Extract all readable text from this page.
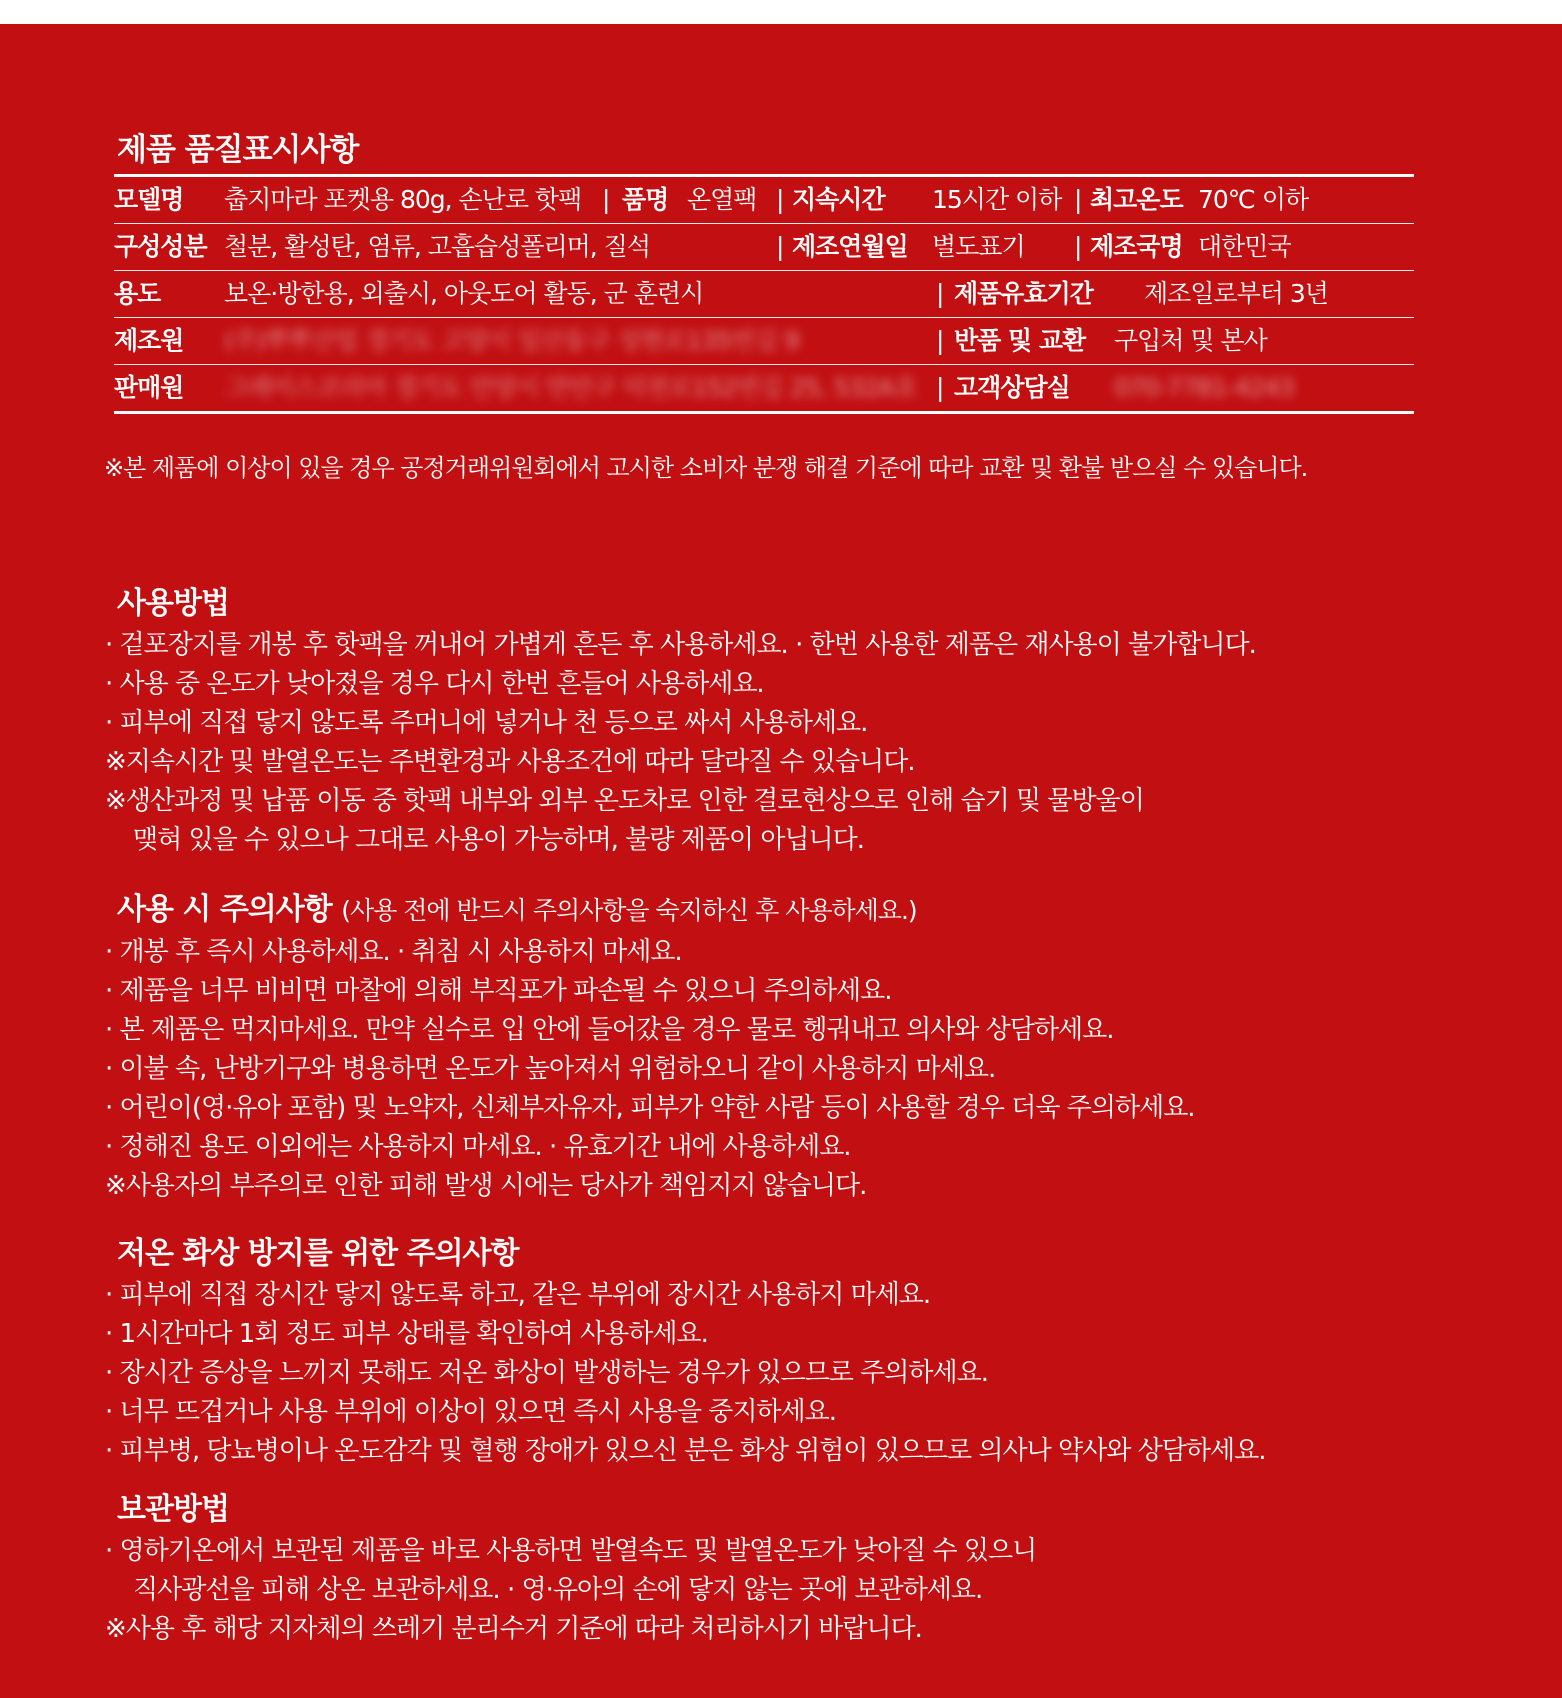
제품 품질표시사항
모델명 춥지마라 포켓용 80g, 손난로 핫팩 | 품명 온열팩 | 지속시간 15시간 이하 | 최고온도 70℃ 이하
구성성분 철분, 활성탄, 염류, 고흡습성폴리머, 질석	| 제조연월일 별도표기 | 제조국명 대한민국
용도	보온·방한용, 외출시, 아웃도어 활동, 군 훈련시	| 제품유효기간 제조일로부터 3년
제조원 (주)뿌뿌산업 경기도 고양시 일산동구 성현로135번길 9	| 반품 및 교환 구입처 및 본사
판매원 그레이스코리아 경기도 안양시 만안구 덕천로152번길 25, 532A호 | 고객상담실 070-7781-4243
※본 제품에 이상이 있을 경우 공정거래위원회에서 고시한 소비자 분쟁 해결 기준에 따라 교환 및 환불 받으실 수 있습니다.
사용방법
· 겉포장지를 개봉 후 핫팩을 꺼내어 가볍게 흔든 후 사용하세요. · 한번 사용한 제품은 재사용이 불가합니다.
· 사용 중 온도가 낮아졌을 경우 다시 한번 흔들어 사용하세요.
· 피부에 직접 닿지 않도록 주머니에 넣거나 천 등으로 싸서 사용하세요.
※지속시간 및 발열온도는 주변환경과 사용조건에 따라 달라질 수 있습니다.
※생산과정 및 납품 이동 중 핫팩 내부와 외부 온도차로 인한 결로현상으로 인해 습기 및 물방울이
맺혀 있을 수 있으나 그대로 사용이 가능하며, 불량 제품이 아닙니다.
사용 시 주의사항 (사용 전에 반드시 주의사항을 숙지하신 후 사용하세요.)
· 개봉 후 즉시 사용하세요. · 취침 시 사용하지 마세요.
· 제품을 너무 비비면 마찰에 의해 부직포가 파손될 수 있으니 주의하세요.
· 본 제품은 먹지마세요. 만약 실수로 입 안에 들어갔을 경우 물로 헹궈내고 의사와 상담하세요.
· 이불 속, 난방기구와 병용하면 온도가 높아져서 위험하오니 같이 사용하지 마세요.
· 어린이(영·유아 포함) 및 노약자, 신체부자유자, 피부가 약한 사람 등이 사용할 경우 더욱 주의하세요.
· 정해진 용도 이외에는 사용하지 마세요. · 유효기간 내에 사용하세요.
※사용자의 부주의로 인한 피해 발생 시에는 당사가 책임지지 않습니다.
저온 화상 방지를 위한 주의사항
· 피부에 직접 장시간 닿지 않도록 하고, 같은 부위에 장시간 사용하지 마세요.
· 1시간마다 1회 정도 피부 상태를 확인하여 사용하세요.
· 장시간 증상을 느끼지 못해도 저온 화상이 발생하는 경우가 있으므로 주의하세요.
· 너무 뜨겁거나 사용 부위에 이상이 있으면 즉시 사용을 중지하세요.
· 피부병, 당뇨병이나 온도감각 및 혈행 장애가 있으신 분은 화상 위험이 있으므로 의사나 약사와 상담하세요.
보관방법
· 영하기온에서 보관된 제품을 바로 사용하면 발열속도 및 발열온도가 낮아질 수 있으니
직사광선을 피해 상온 보관하세요. · 영·유아의 손에 닿지 않는 곳에 보관하세요.
※사용 후 해당 지자체의 쓰레기 분리수거 기준에 따라 처리하시기 바랍니다.
